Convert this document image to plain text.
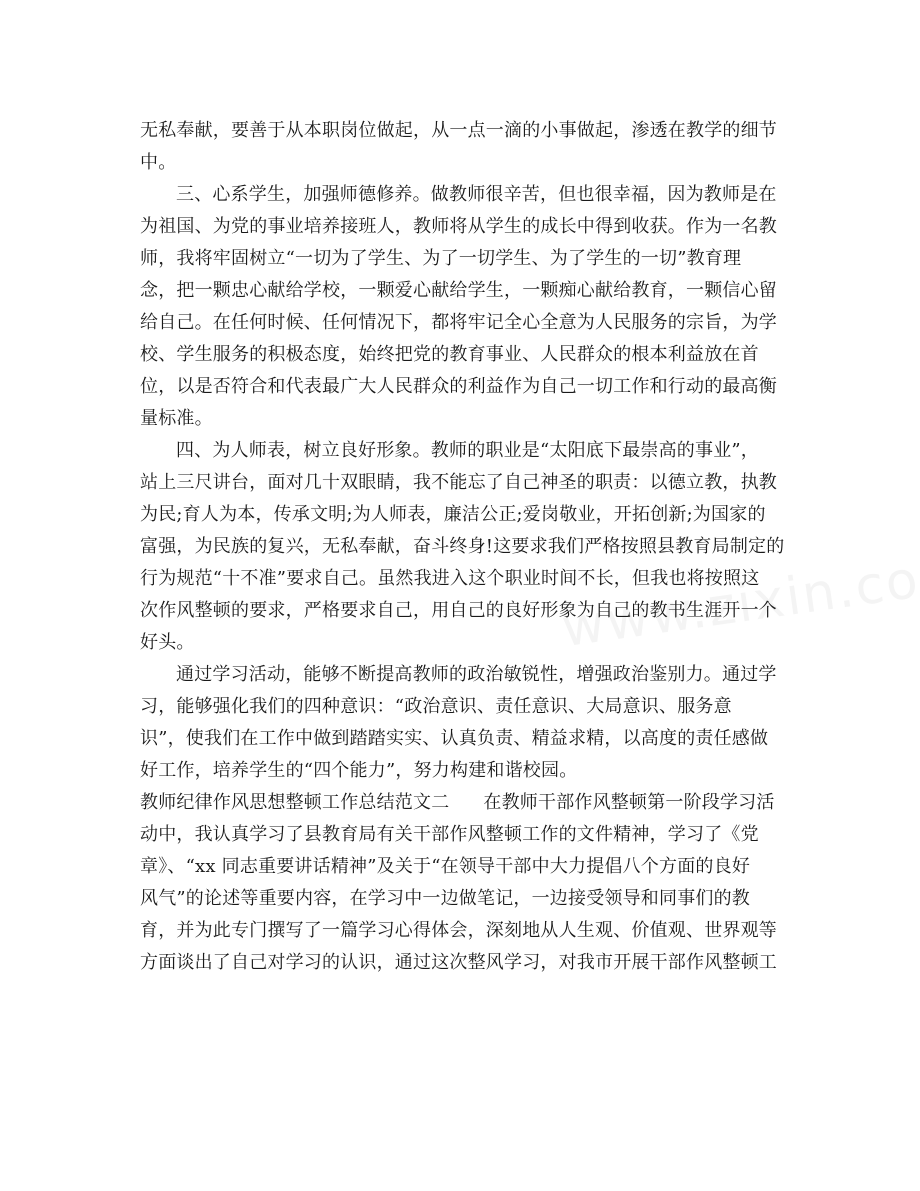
无私奉献，要善于从本职岗位做起，从一点一滴的小事做起，渗透在教学的细节
中。
三、心系学生，加强师德修养。做教师很辛苦，但也很幸福，因为教师是在
为祖国、为党的事业培养接班人，教师将从学生的成长中得到收获。作为一名教
师，我将牢固树立“一切为了学生、为了一切学生、为了学生的一切”教育理
念，把一颗忠心献给学校，一颗爱心献给学生，一颗痴心献给教育，一颗信心留
给自己。在任何时候、任何情况下，都将牢记全心全意为人民服务的宗旨，为学
校、学生服务的积极态度，始终把党的教育事业、人民群众的根本利益放在首
位，以是否符合和代表最广大人民群众的利益作为自己一切工作和行动的最高衡
量标准。
四、为人师表，树立良好形象。教师的职业是“太阳底下最崇高的事业”，
站上三尺讲台，面对几十双眼睛，我不能忘了自己神圣的职责：以德立教，执教
为民;育人为本，传承文明;为人师表，廉洁公正;爱岗敬业，开拓创新;为国家的
富强，为民族的复兴，无私奉献，奋斗终身!这要求我们严格按照县教育局制定的
行为规范“十不准”要求自己。虽然我进入这个职业时间不长，但我也将按照这
次作风整顿的要求，严格要求自己，用自己的良好形象为自己的教书生涯开一个
好头。
通过学习活动，能够不断提高教师的政治敏锐性，增强政治鉴别力。通过学
习，能够强化我们的四种意识：“政治意识、责任意识、大局意识、服务意
识”，使我们在工作中做到踏踏实实、认真负责、精益求精，以高度的责任感做
好工作，培养学生的“四个能力”，努力构建和谐校园。
教师纪律作风思想整顿工作总结范文二 在教师干部作风整顿第一阶段学习活
动中，我认真学习了县教育局有关干部作风整顿工作的文件精神，学习了《党
章》、“xx 同志重要讲话精神”及关于“在领导干部中大力提倡八个方面的良好
风气”的论述等重要内容，在学习中一边做笔记，一边接受领导和同事们的教
育，并为此专门撰写了一篇学习心得体会，深刻地从人生观、价值观、世界观等
方面谈出了自己对学习的认识，通过这次整风学习，对我市开展干部作风整顿工
